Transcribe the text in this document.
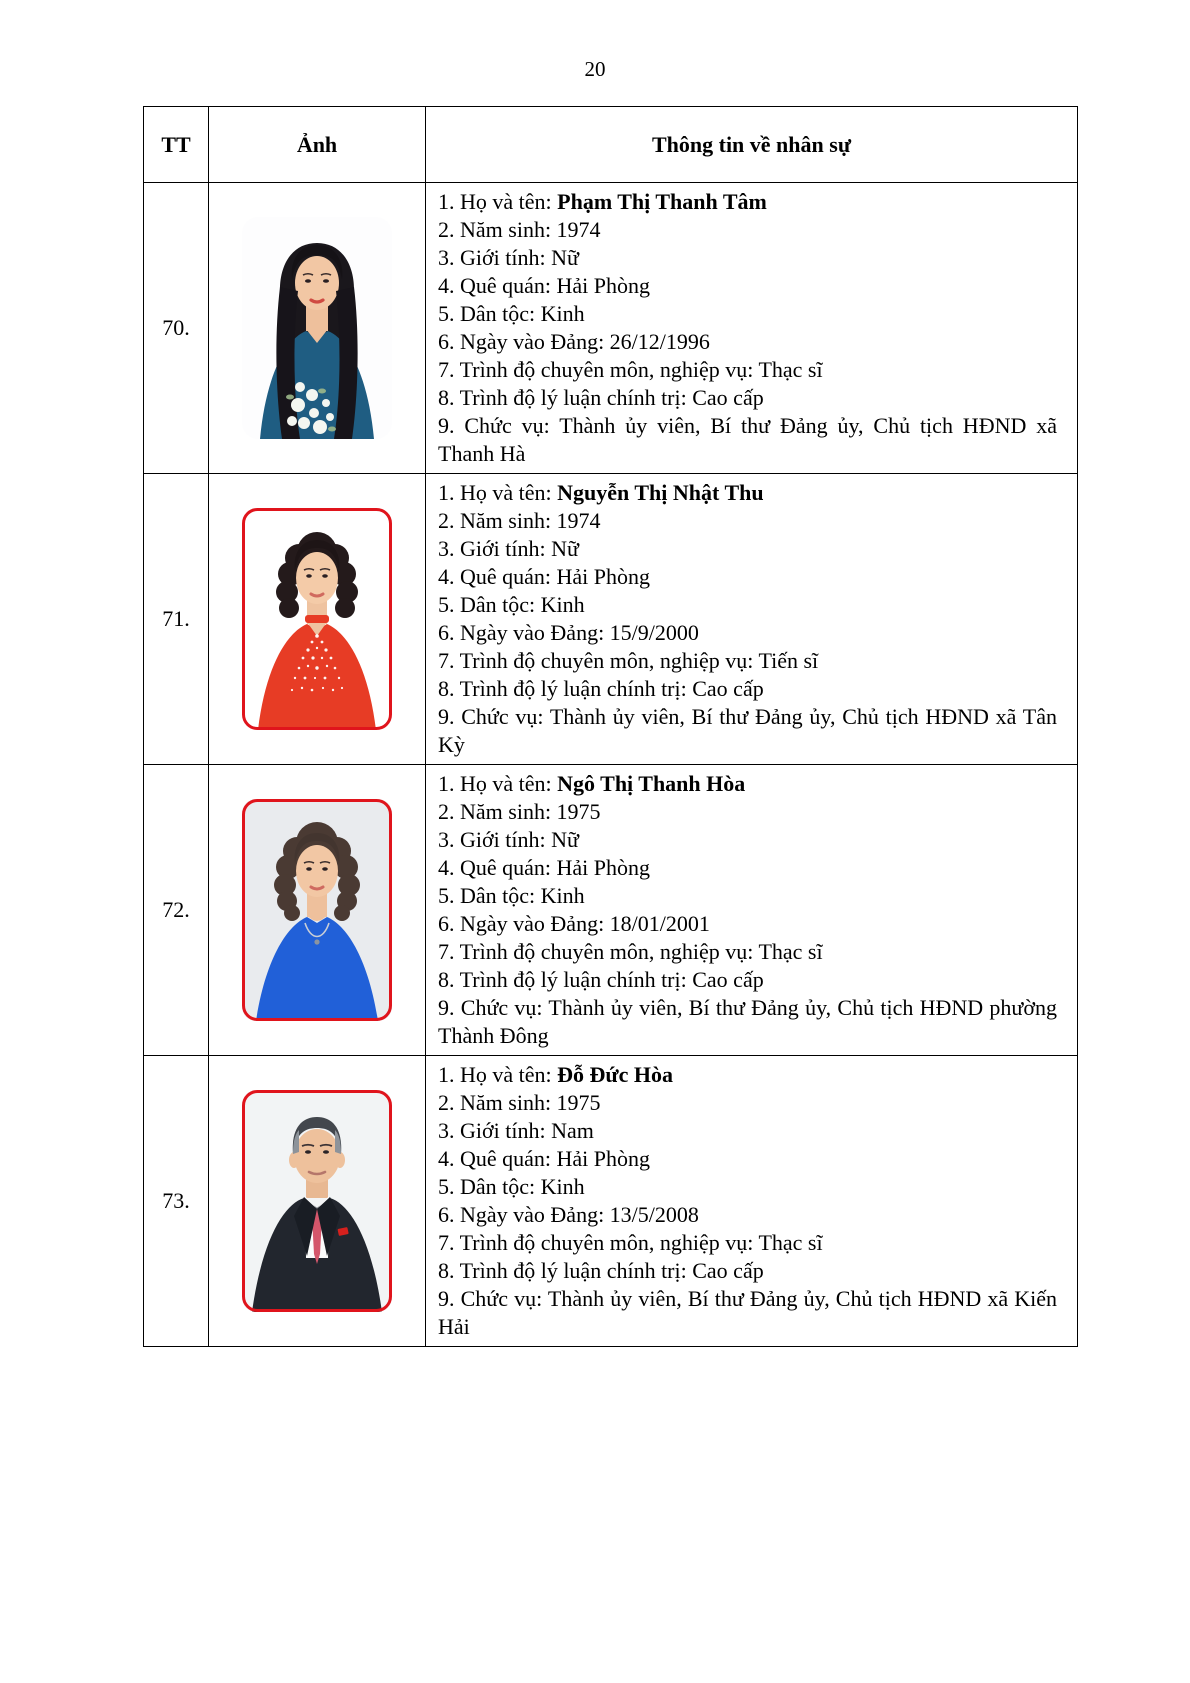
20
TT	Ảnh	Thông tin về nhân sự
70.	

1. Họ và tên: Phạm Thị Thanh Tâm
2. Năm sinh: 1974
3. Giới tính: Nữ
4. Quê quán: Hải Phòng
5. Dân tộc: Kinh
6. Ngày vào Đảng: 26/12/1996
7. Trình độ chuyên môn, nghiệp vụ: Thạc sĩ
8. Trình độ lý luận chính trị: Cao cấp
9. Chức vụ: Thành ủy viên, Bí thư Đảng ủy, Chủ tịch HĐND xã Thanh Hà

71.	

1. Họ và tên: Nguyễn Thị Nhật Thu
2. Năm sinh: 1974
3. Giới tính: Nữ
4. Quê quán: Hải Phòng
5. Dân tộc: Kinh
6. Ngày vào Đảng: 15/9/2000
7. Trình độ chuyên môn, nghiệp vụ: Tiến sĩ
8. Trình độ lý luận chính trị: Cao cấp
9. Chức vụ: Thành ủy viên, Bí thư Đảng ủy, Chủ tịch HĐND xã Tân Kỳ

72.	

1. Họ và tên: Ngô Thị Thanh Hòa
2. Năm sinh: 1975
3. Giới tính: Nữ
4. Quê quán: Hải Phòng
5. Dân tộc: Kinh
6. Ngày vào Đảng: 18/01/2001
7. Trình độ chuyên môn, nghiệp vụ: Thạc sĩ
8. Trình độ lý luận chính trị: Cao cấp
9. Chức vụ: Thành ủy viên, Bí thư Đảng ủy, Chủ tịch HĐND phường Thành Đông

73.	

1. Họ và tên: Đỗ Đức Hòa
2. Năm sinh: 1975
3. Giới tính: Nam
4. Quê quán: Hải Phòng
5. Dân tộc: Kinh
6. Ngày vào Đảng: 13/5/2008
7. Trình độ chuyên môn, nghiệp vụ: Thạc sĩ
8. Trình độ lý luận chính trị: Cao cấp
9. Chức vụ: Thành ủy viên, Bí thư Đảng ủy, Chủ tịch HĐND xã Kiến Hải
